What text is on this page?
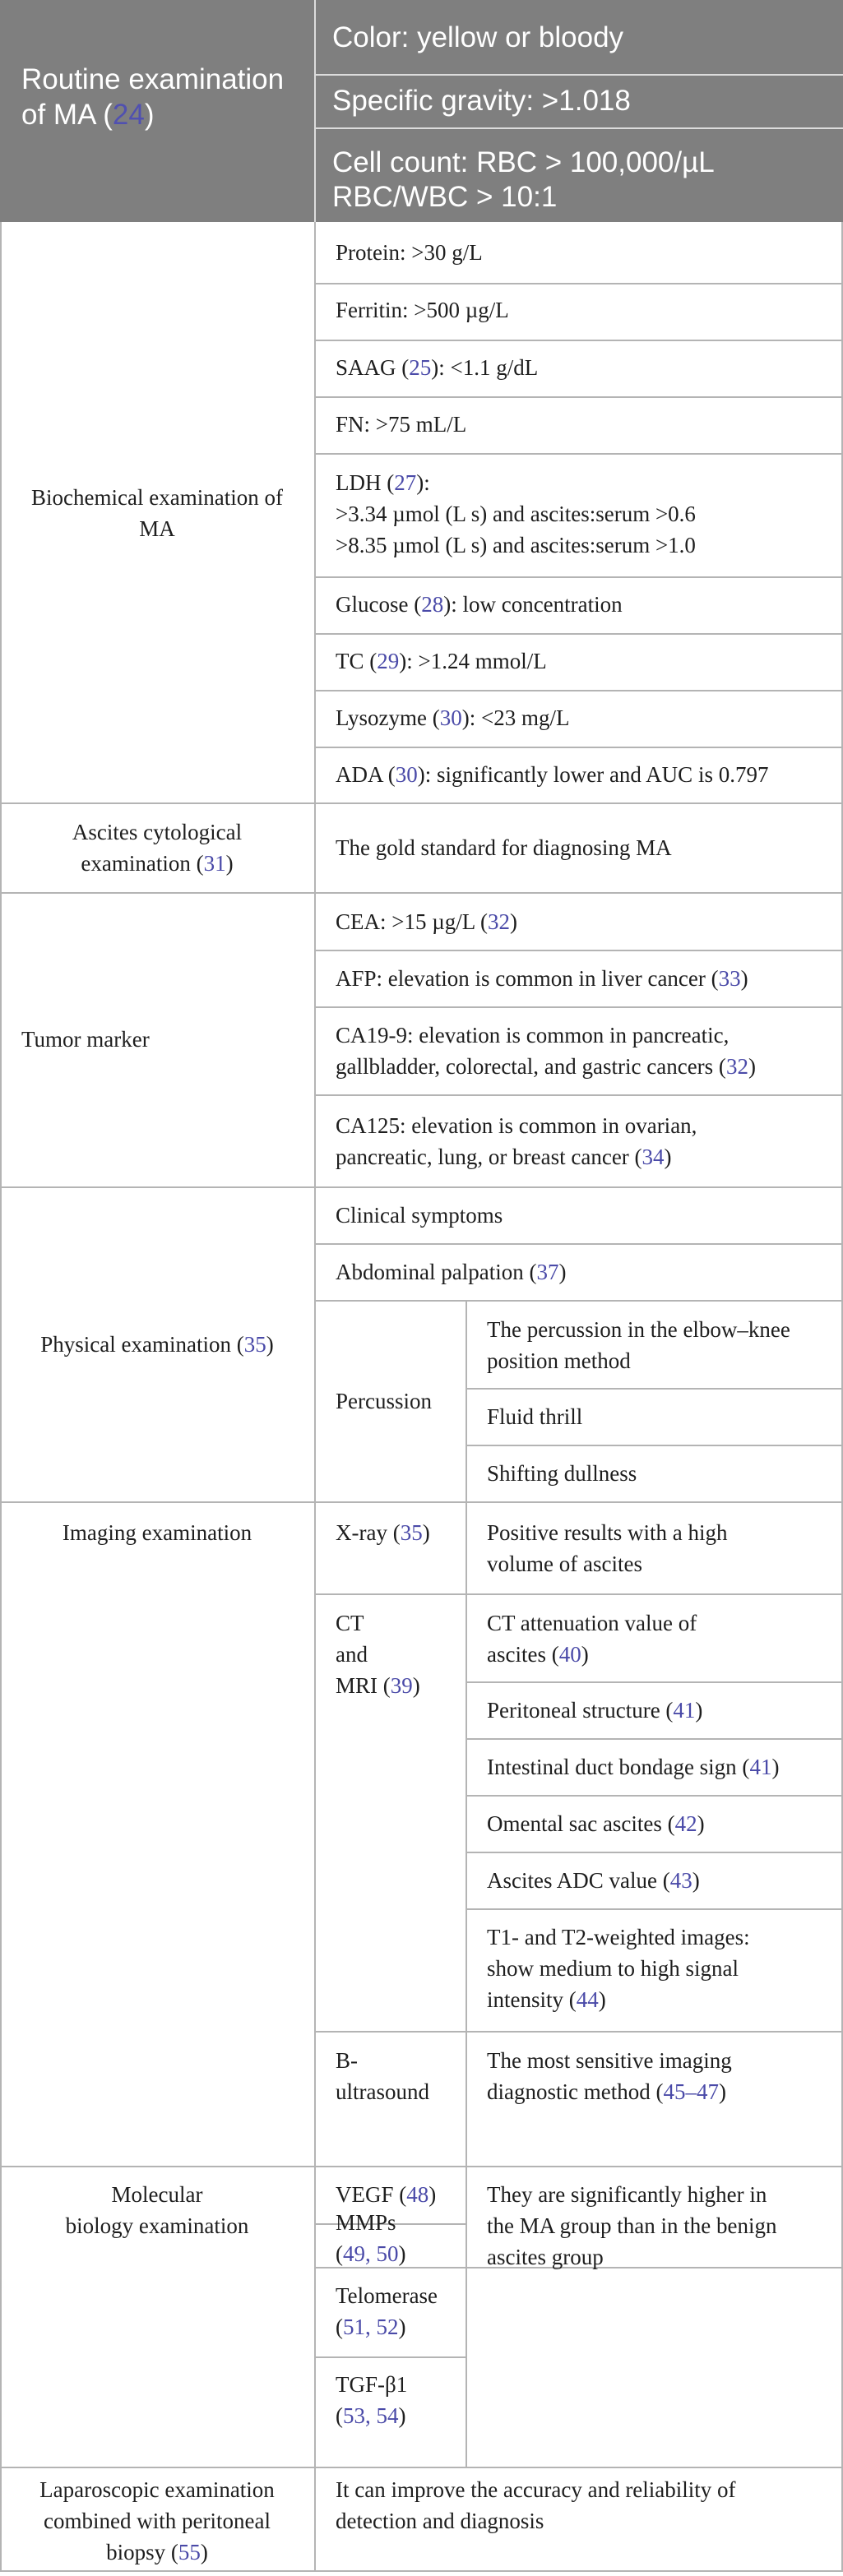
Routine examination of MA (24)
Color: yellow or bloody
Specific gravity: >1.018
Cell count: RBC > 100,000/µL
RBC/WBC > 10:1
Biochemical examination of MA
Protein: >30 g/L
Ferritin: >500 µg/L
SAAG (25): <1.1 g/dL
FN: >75 mL/L
LDH (27):
>3.34 µmol (L s) and ascites:serum >0.6
>8.35 µmol (L s) and ascites:serum >1.0
Glucose (28): low concentration
TC (29): >1.24 mmol/L
Lysozyme (30): <23 mg/L
ADA (30): significantly lower and AUC is 0.797
Ascites cytological
examination (31)
The gold standard for diagnosing MA
Tumor marker
CEA: >15 µg/L (32)
AFP: elevation is common in liver cancer (33)
CA19-9: elevation is common in pancreatic,
gallbladder, colorectal, and gastric cancers (32)
CA125: elevation is common in ovarian,
pancreatic, lung, or breast cancer (34)
Physical examination (35)
Clinical symptoms
Abdominal palpation (37)
Percussion
The percussion in the elbow–knee position method
Fluid thrill
Shifting dullness
Imaging examination	X-ray (35)	Positive results with a high volume of ascites
CT
and
MRI (39)
CT attenuation value of
ascites (40)
Peritoneal structure (41)
Intestinal duct bondage sign (41)
Omental sac ascites (42)
Ascites ADC value (43)
T1- and T2-weighted images:
show medium to high signal
intensity (44)
B-
ultrasound
The most sensitive imaging
diagnostic method (45–47)
Molecular
biology examination
VEGF (48)
MMPs
(49, 50)
Telomerase
(51, 52)
TGF-β1
(53, 54)
They are significantly higher in
the MA group than in the benign
ascites group
Laparoscopic examination
combined with peritoneal
biopsy (55)
It can improve the accuracy and reliability of
detection and diagnosis
